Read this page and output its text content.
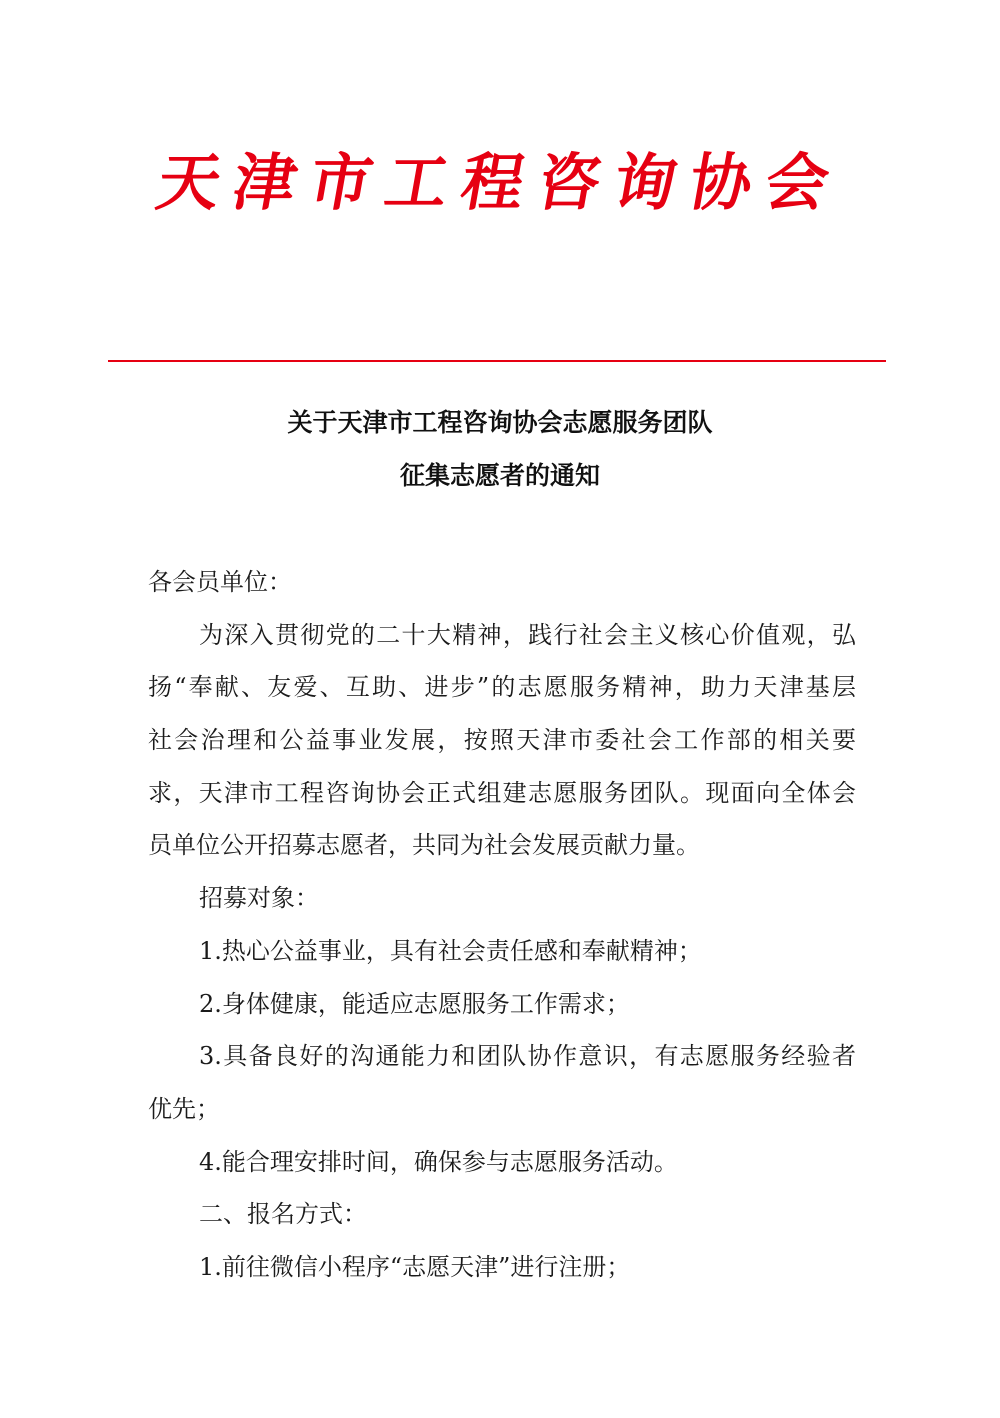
天津市工程咨询协会
关于天津市工程咨询协会志愿服务团队
征集志愿者的通知
各会员单位：
为深入贯彻党的二十大精神，践行社会主义核心价值观，弘
扬“奉献、友爱、互助、进步”的志愿服务精神，助力天津基层
社会治理和公益事业发展，按照天津市委社会工作部的相关要
求，天津市工程咨询协会正式组建志愿服务团队。现面向全体会
员单位公开招募志愿者，共同为社会发展贡献力量。
招募对象：
1.热心公益事业，具有社会责任感和奉献精神；
2.身体健康，能适应志愿服务工作需求；
3.具备良好的沟通能力和团队协作意识，有志愿服务经验者
优先；
4.能合理安排时间，确保参与志愿服务活动。
二、报名方式：
1.前往微信小程序“志愿天津”进行注册；
